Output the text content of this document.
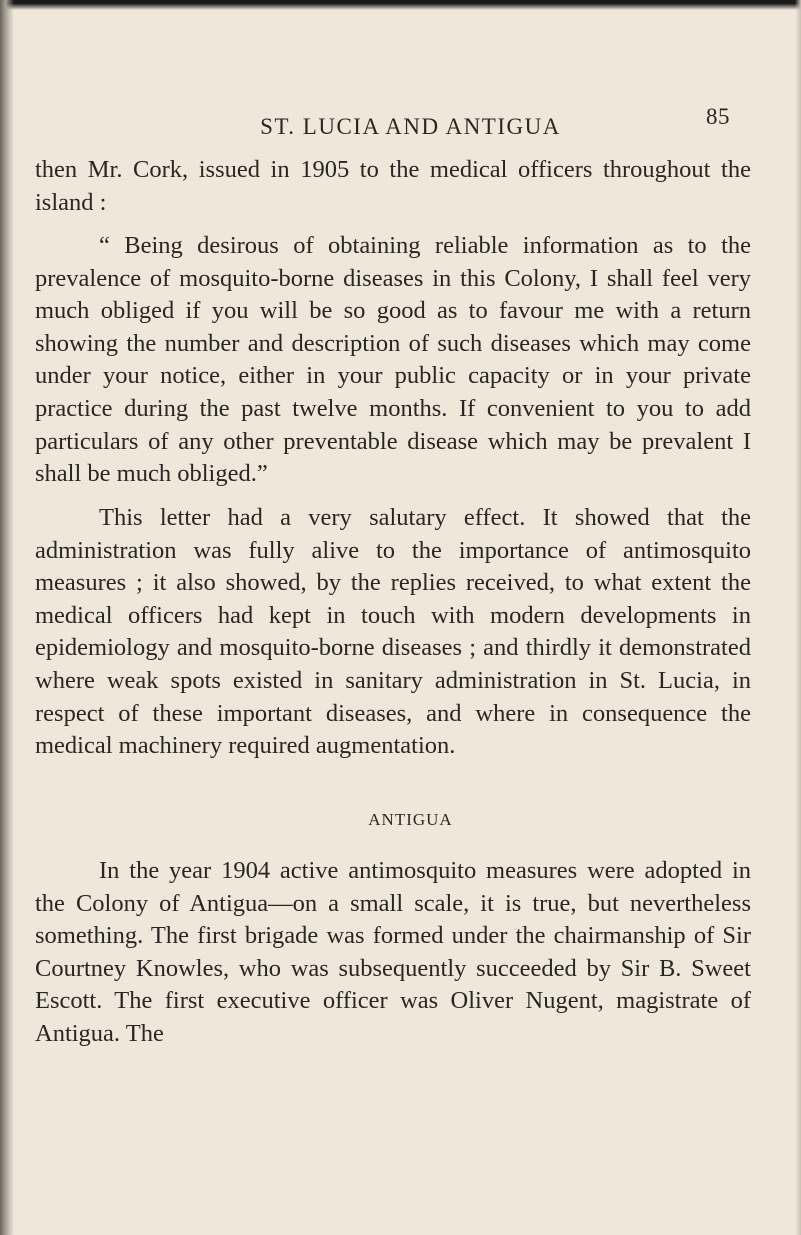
ST. LUCIA AND ANTIGUA	85
then Mr. Cork, issued in 1905 to the medical officers throughout the island :
“ Being desirous of obtaining reliable information as to the prevalence of mosquito-borne diseases in this Colony, I shall feel very much obliged if you will be so good as to favour me with a return showing the number and description of such diseases which may come under your notice, either in your public capacity or in your private practice during the past twelve months. If convenient to you to add particulars of any other preventable disease which may be prevalent I shall be much obliged.”
This letter had a very salutary effect. It showed that the administration was fully alive to the importance of antimosquito measures ; it also showed, by the replies received, to what extent the medical officers had kept in touch with modern developments in epidemiology and mosquito-borne diseases ; and thirdly it demonstrated where weak spots existed in sanitary administration in St. Lucia, in respect of these important diseases, and where in consequence the medical machinery required augmentation.
ANTIGUA
In the year 1904 active antimosquito measures were adopted in the Colony of Antigua—on a small scale, it is true, but nevertheless something. The first brigade was formed under the chairmanship of Sir Courtney Knowles, who was subsequently succeeded by Sir B. Sweet Escott. The first executive officer was Oliver Nugent, magistrate of Antigua. The
